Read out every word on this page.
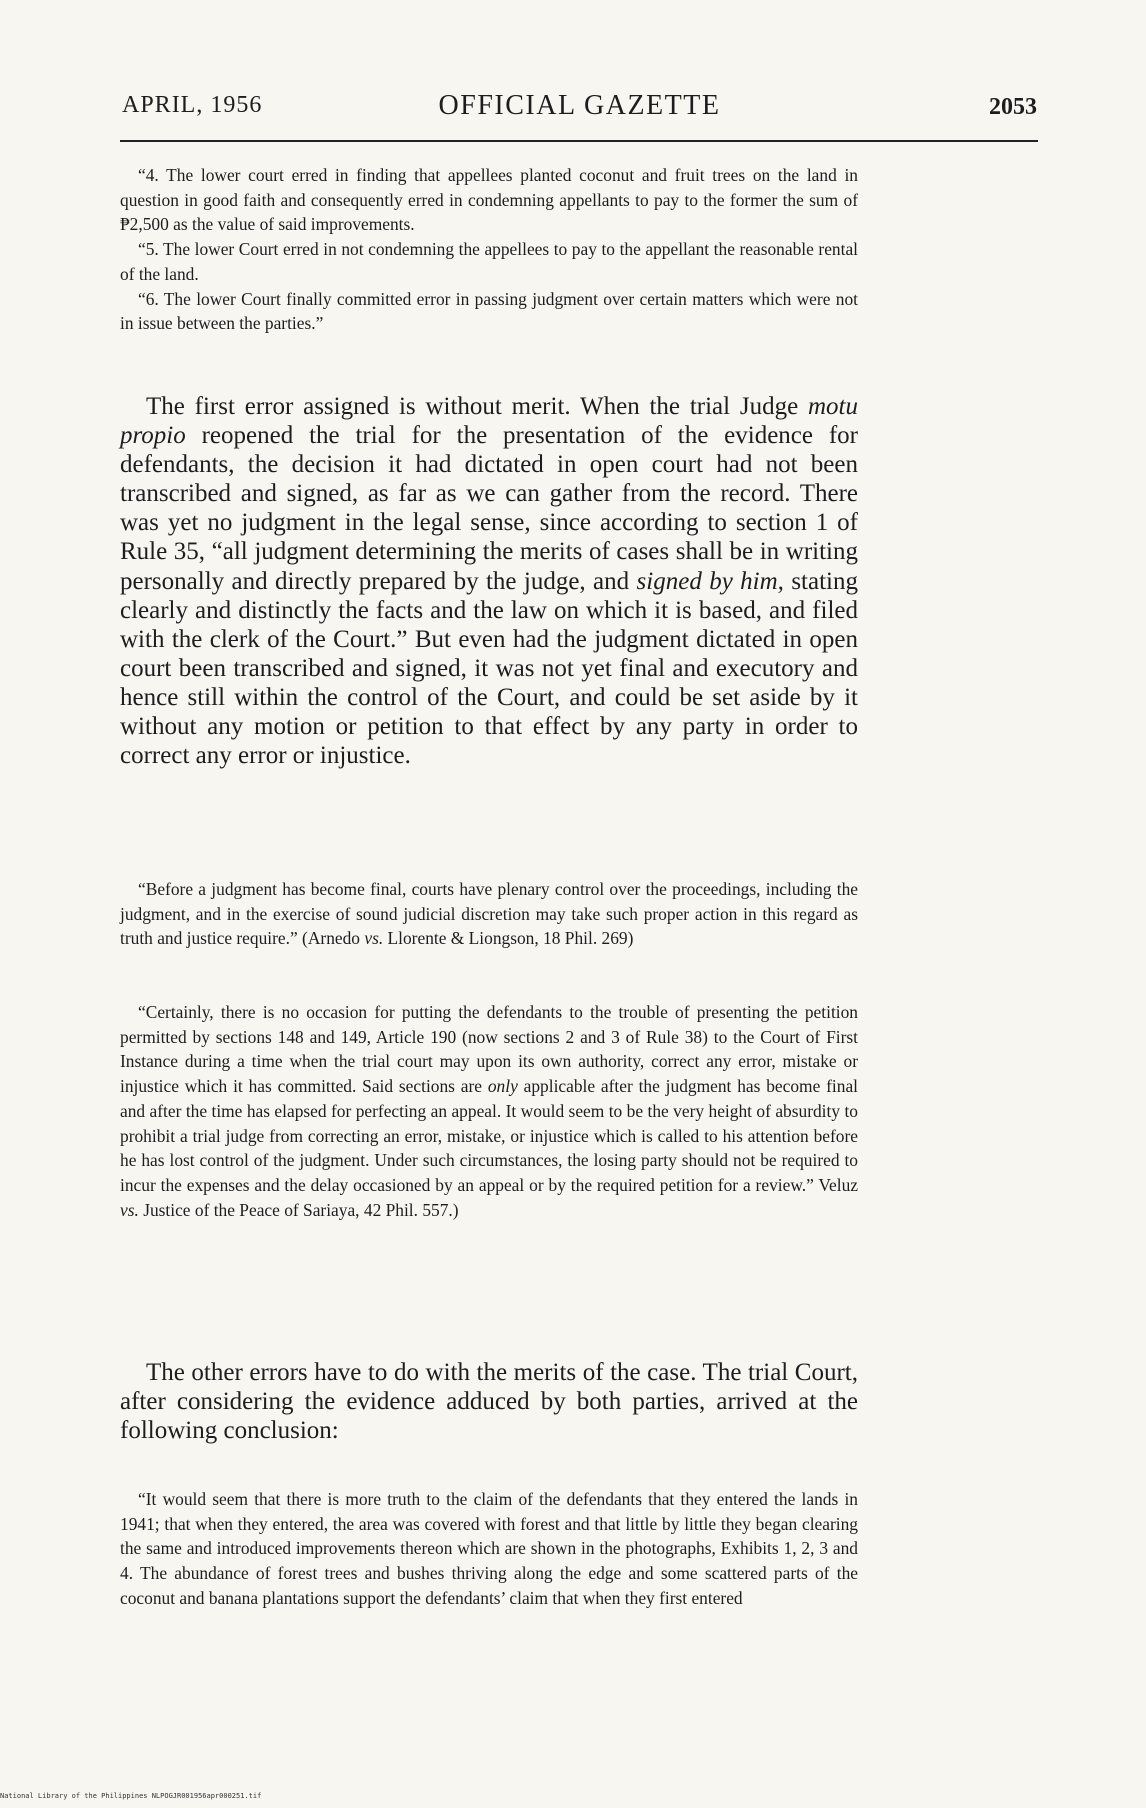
APRIL, 1956	OFFICIAL GAZETTE	2053

“4. The lower court erred in finding that appellees planted coconut and fruit trees on the land in question in good faith and consequently erred in condemning appellants to pay to the former the sum of ₱2,500 as the value of said improvements.

“5. The lower Court erred in not condemning the appellees to pay to the appellant the reasonable rental of the land.

“6. The lower Court finally committed error in passing judgment over certain matters which were not in issue between the parties.”

The first error assigned is without merit. When the trial Judge motu propio reopened the trial for the presentation of the evidence for defendants, the decision it had dictated in open court had not been transcribed and signed, as far as we can gather from the record. There was yet no judgment in the legal sense, since according to section 1 of Rule 35, “all judgment determining the merits of cases shall be in writing personally and directly prepared by the judge, and signed by him, stating clearly and distinctly the facts and the law on which it is based, and filed with the clerk of the Court.” But even had the judgment dictated in open court been transcribed and signed, it was not yet final and executory and hence still within the control of the Court, and could be set aside by it without any motion or petition to that effect by any party in order to correct any error or injustice.

“Before a judgment has become final, courts have plenary control over the proceedings, including the judgment, and in the exercise of sound judicial discretion may take such proper action in this regard as truth and justice require.” (Arnedo vs. Llorente & Liongson, 18 Phil. 269)

“Certainly, there is no occasion for putting the defendants to the trouble of presenting the petition permitted by sections 148 and 149, Article 190 (now sections 2 and 3 of Rule 38) to the Court of First Instance during a time when the trial court may upon its own authority, correct any error, mistake or injustice which it has committed. Said sections are only applicable after the judgment has become final and after the time has elapsed for perfecting an appeal. It would seem to be the very height of absurdity to prohibit a trial judge from correcting an error, mistake, or injustice which is called to his attention before he has lost control of the judgment. Under such circumstances, the losing party should not be required to incur the expenses and the delay occasioned by an appeal or by the required petition for a review.” Veluz vs. Justice of the Peace of Sariaya, 42 Phil. 557.)

The other errors have to do with the merits of the case. The trial Court, after considering the evidence adduced by both parties, arrived at the following conclusion:

“It would seem that there is more truth to the claim of the defendants that they entered the lands in 1941; that when they entered, the area was covered with forest and that little by little they began clearing the same and introduced improvements thereon which are shown in the photographs, Exhibits 1, 2, 3 and 4. The abundance of forest trees and bushes thriving along the edge and some scattered parts of the coconut and banana plantations support the defendants’ claim that when they first entered

National Library of the Philippines NLPOGJR001956apr000251.tif
